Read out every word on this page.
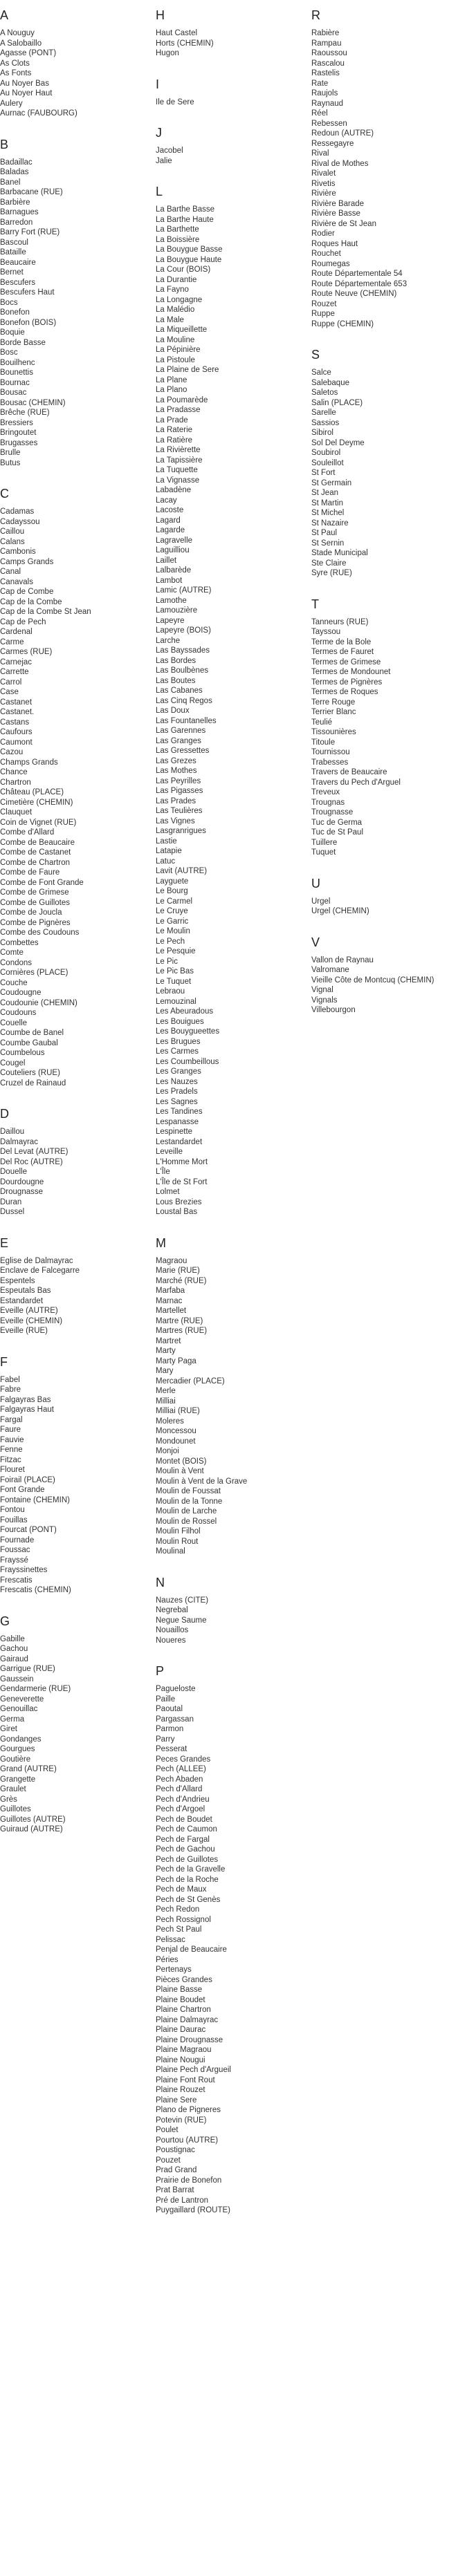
A
A Nouguy
A Salobaillo
Agasse (PONT)
As Clots
As Fonts
Au Noyer Bas
Au Noyer Haut
Aulery
Aurnac (FAUBOURG)
B
Badaillac
Baladas
Banel
Barbacane (RUE)
Barbière
Barnagues
Barredon
Barry Fort (RUE)
Bascoul
Bataille
Beaucaire
Bernet
Bescufers
Bescufers Haut
Bocs
Bonefon
Bonefon (BOIS)
Boquie
Borde Basse
Bosc
Bouilhenc
Bounettis
Bournac
Bousac
Bousac (CHEMIN)
Brêche (RUE)
Bressiers
Bringoutet
Brugasses
Brulle
Butus
C
Cadamas
Cadayssou
Caillou
Calans
Cambonis
Camps Grands
Canal
Canavals
Cap de Combe
Cap de la Combe
Cap de la Combe St Jean
Cap de Pech
Cardenal
Carme
Carmes (RUE)
Carnejac
Carrette
Carrol
Case
Castanet
Castanet.
Castans
Caufours
Caumont
Cazou
Champs Grands
Chance
Chartron
Château (PLACE)
Cimetière (CHEMIN)
Clauquet
Coin de Vignet (RUE)
Combe d'Allard
Combe de Beaucaire
Combe de Castanet
Combe de Chartron
Combe de Faure
Combe de Font Grande
Combe de Grimese
Combe de Guillotes
Combe de Joucla
Combe de Pignères
Combe des Coudouns
Combettes
Comte
Condons
Cornières (PLACE)
Couche
Coudougne
Coudounie (CHEMIN)
Coudouns
Couelle
Coumbe de Banel
Coumbe Gaubal
Coumbelous
Cougel
Couteliers (RUE)
Cruzel de Rainaud
D
Daillou
Dalmayrac
Del Levat (AUTRE)
Del Roc (AUTRE)
Douelle
Dourdougne
Drougnasse
Duran
Dussel
E
Eglise de Dalmayrac
Enclave de Falcegarre
Espentels
Espeutals Bas
Estandardet
Eveille (AUTRE)
Eveille (CHEMIN)
Eveille (RUE)
F
Fabel
Fabre
Falgayras Bas
Falgayras Haut
Fargal
Faure
Fauvie
Fenne
Fitzac
Flouret
Foirail (PLACE)
Font Grande
Fontaine (CHEMIN)
Fontou
Fouillas
Fourcat (PONT)
Fournade
Foussac
Frayssé
Frayssinettes
Frescatis
Frescatis (CHEMIN)
G
Gabille
Gachou
Gairaud
Garrigue (RUE)
Gaussein
Gendarmerie (RUE)
Geneverette
Genouillac
Germa
Giret
Gondanges
Gourgues
Goutière
Grand (AUTRE)
Grangette
Graulet
Grès
Guillotes
Guillotes (AUTRE)
Guiraud (AUTRE)
H
Haut Castel
Horts (CHEMIN)
Hugon
I
Ile de Sere
J
Jacobel
Jalie
L
La Barthe Basse
La Barthe Haute
La Barthette
La Boissière
La Bouygue Basse
La Bouygue Haute
La Cour (BOIS)
La Durantie
La Fayno
La Longagne
La Malédio
La Male
La Miqueillette
La Mouline
La Pépinière
La Pistoule
La Plaine de Sere
La Plane
La Plano
La Poumarède
La Pradasse
La Prade
La Raterie
La Ratière
La Rivièrette
La Tapissière
La Tuquette
La Vignasse
Labadène
Lacay
Lacoste
Lagard
Lagarde
Lagravelle
Laguilliou
Laillet
Lalbarède
Lambot
Lamic (AUTRE)
Lamothe
Lamouzière
Lapeyre
Lapeyre (BOIS)
Larche
Las Bayssades
Las Bordes
Las Boulbènes
Las Boutes
Las Cabanes
Las Cinq Regos
Las Doux
Las Fountanelles
Las Garennes
Las Granges
Las Gressettes
Las Grezes
Las Mothes
Las Peyrilles
Las Pigasses
Las Prades
Las Teulières
Las Vignes
Lasgranrigues
Lastie
Latapie
Latuc
Lavit (AUTRE)
Layguete
Le Bourg
Le Carmel
Le Cruye
Le Garric
Le Moulin
Le Pech
Le Pesquie
Le Pic
Le Pic Bas
Le Tuquet
Lebraou
Lemouzinal
Les Abeuradous
Les Bouigues
Les Bouygueettes
Les Brugues
Les Carmes
Les Coumbeillous
Les Granges
Les Nauzes
Les Pradels
Les Sagnes
Les Tandines
Lespanasse
Lespinette
Lestandardet
Leveille
L'Homme Mort
L'Île
L'Île de St Fort
Lolmet
Lous Brezies
Loustal Bas
M
Magraou
Marie (RUE)
Marché (RUE)
Marfaba
Marnac
Martellet
Martre (RUE)
Martres (RUE)
Martret
Marty
Marty Paga
Mary
Mercadier (PLACE)
Merle
Milliai
Milliai (RUE)
Moleres
Moncessou
Mondounet
Monjoi
Montet (BOIS)
Moulin à Vent
Moulin à Vent de la Grave
Moulin de Foussat
Moulin de la Tonne
Moulin de Larche
Moulin de Rossel
Moulin Filhol
Moulin Rout
Moulinal
N
Nauzes (CITE)
Negrebal
Negue Saume
Nouaillos
Noueres
P
Pagueloste
Paille
Paoutal
Pargassan
Parmon
Parry
Pesserat
Peces Grandes
Pech (ALLEE)
Pech Abaden
Pech d'Allard
Pech d'Andrieu
Pech d'Argoel
Pech de Boudet
Pech de Caumon
Pech de Fargal
Pech de Gachou
Pech de Guillotes
Pech de la Gravelle
Pech de la Roche
Pech de Maux
Pech de St Genès
Pech Redon
Pech Rossignol
Pech St Paul
Pelissac
Penjal de Beaucaire
Péries
Pertenays
Pièces Grandes
Plaine Basse
Plaine Boudet
Plaine Chartron
Plaine Dalmayrac
Plaine Daurac
Plaine Drougnasse
Plaine Magraou
Plaine Nougui
Plaine Pech d'Argueil
Plaine Font Rout
Plaine Rouzet
Plaine Sere
Plano de Pigneres
Potevin (RUE)
Poulet
Pourtou (AUTRE)
Poustignac
Pouzet
Prad Grand
Prairie de Bonefon
Prat Barrat
Pré de Lantron
Puygaillard (ROUTE)
R
Rabière
Rampau
Raoussou
Rascalou
Rastelis
Rate
Raujols
Raynaud
Réel
Rebessen
Redoun (AUTRE)
Ressegayre
Rival
Rival de Mothes
Rivalet
Rivetis
Rivière
Rivière Barade
Rivière Basse
Rivière de St Jean
Rodier
Roques Haut
Rouchet
Roumegas
Route Départementale 54
Route Départementale 653
Route Neuve (CHEMIN)
Rouzet
Ruppe
Ruppe (CHEMIN)
S
Salce
Salebaque
Saletos
Salin (PLACE)
Sarelle
Sassios
Sibirol
Sol Del Deyme
Soubirol
Souleillot
St Fort
St Germain
St Jean
St Martin
St Michel
St Nazaire
St Paul
St Sernin
Stade Municipal
Ste Claire
Syre (RUE)
T
Tanneurs (RUE)
Tayssou
Terme de la Bole
Termes de Fauret
Termes de Grimese
Termes de Mondounet
Termes de Pignères
Termes de Roques
Terre Rouge
Terrier Blanc
Teulié
Tissounières
Titoule
Tournissou
Trabesses
Travers de Beaucaire
Travers du Pech d'Arguel
Treveux
Trougnas
Trougnasse
Tuc de Germa
Tuc de St Paul
Tuillere
Tuquet
U
Urgel
Urgel (CHEMIN)
V
Vallon de Raynau
Valromane
Vieille Côte de Montcuq (CHEMIN)
Vignal
Vignals
Villebourgon
